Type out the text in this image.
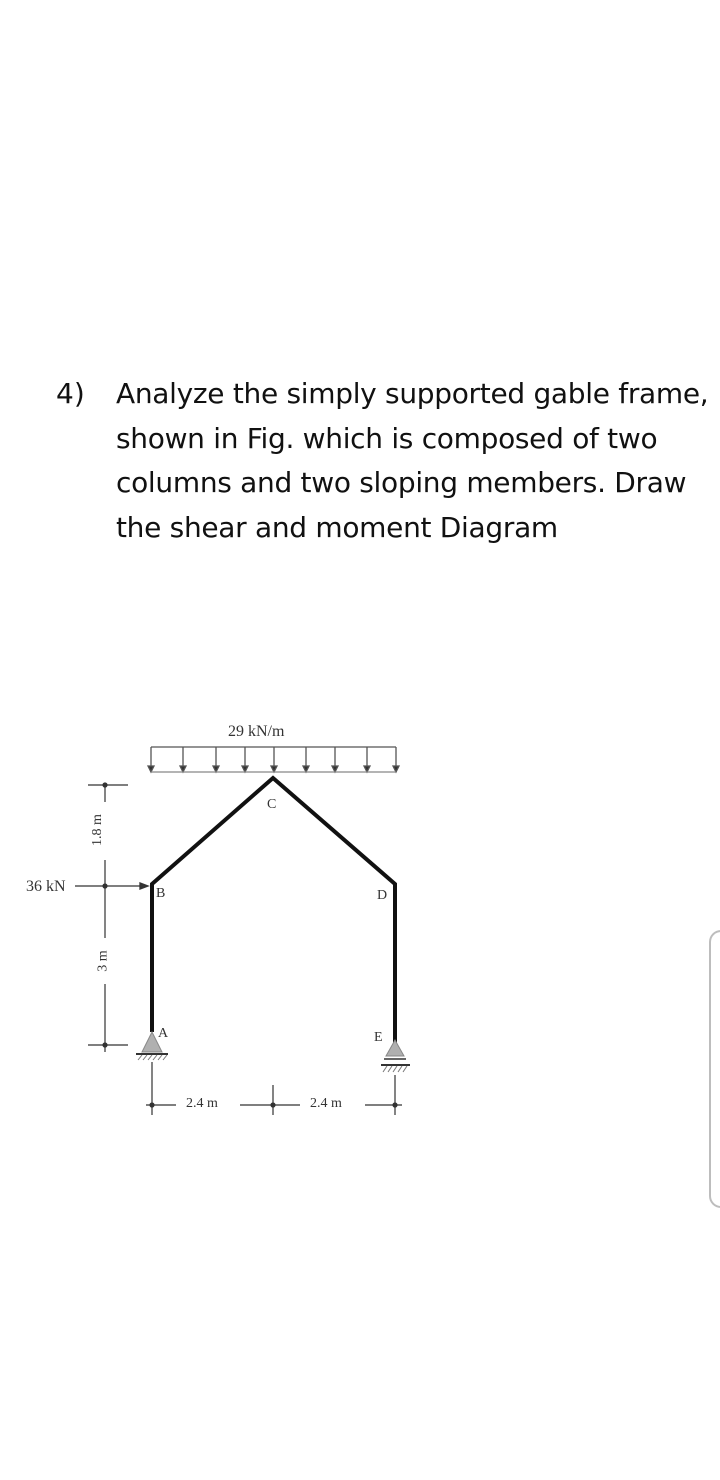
4) Analyze the simply supported gable frame,
shown in Fig. which is composed of two
columns and two sloping members. Draw
the shear and moment Diagram
29 kN/m
36 kN
A
B
C
D
E
1.8 m
3 m
2.4 m	2.4 m
